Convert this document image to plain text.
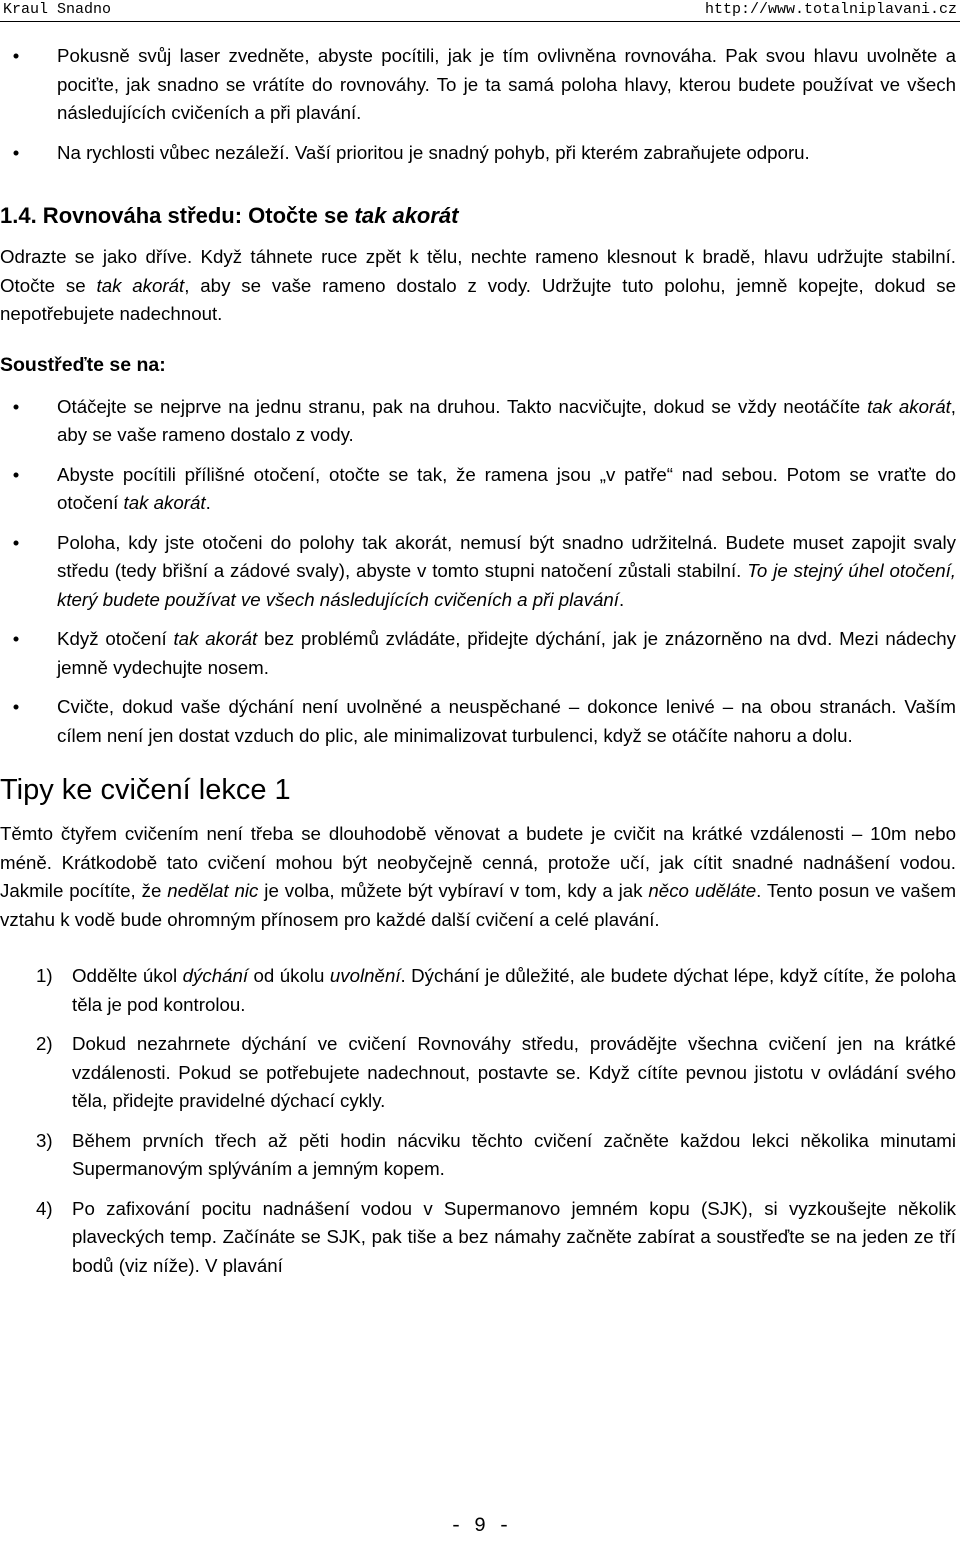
Kraul Snadno	http://www.totalniplavani.cz
• Pokusně svůj laser zvedněte, abyste pocítili, jak je tím ovlivněna rovnováha. Pak svou hlavu uvolněte a pociťte, jak snadno se vrátíte do rovnováhy. To je ta samá poloha hlavy, kterou budete používat ve všech následujících cvičeních a při plavání.
• Na rychlosti vůbec nezáleží. Vaší prioritou je snadný pohyb, při kterém zabraňujete odporu.
1.4. Rovnováha středu: Otočte se tak akorát

Odrazte se jako dříve. Když táhnete ruce zpět k tělu, nechte rameno klesnout k bradě, hlavu udržujte stabilní. Otočte se tak akorát, aby se vaše rameno dostalo z vody. Udržujte tuto polohu, jemně kopejte, dokud se nepotřebujete nadechnout.

Soustřeďte se na:
• Otáčejte se nejprve na jednu stranu, pak na druhou. Takto nacvičujte, dokud se vždy neotáčíte tak akorát, aby se vaše rameno dostalo z vody.
• Abyste pocítili přílišné otočení, otočte se tak, že ramena jsou „v patře“ nad sebou. Potom se vraťte do otočení tak akorát.
• Poloha, kdy jste otočeni do polohy tak akorát, nemusí být snadno udržitelná. Budete muset zapojit svaly středu (tedy břišní a zádové svaly), abyste v tomto stupni natočení zůstali stabilní. To je stejný úhel otočení, který budete používat ve všech následujících cvičeních a při plavání.
• Když otočení tak akorát bez problémů zvládáte, přidejte dýchání, jak je znázorněno na dvd. Mezi nádechy jemně vydechujte nosem.
• Cvičte, dokud vaše dýchání není uvolněné a neuspěchané – dokonce lenivé – na obou stranách. Vaším cílem není jen dostat vzduch do plic, ale minimalizovat turbulenci, když se otáčíte nahoru a dolu.
Tipy ke cvičení lekce 1

Těmto čtyřem cvičením není třeba se dlouhodobě věnovat a budete je cvičit na krátké vzdálenosti – 10m nebo méně. Krátkodobě tato cvičení mohou být neobyčejně cenná, protože učí, jak cítit snadné nadnášení vodou. Jakmile pocítíte, že nedělat nic je volba, můžete být vybíraví v tom, kdy a jak něco uděláte. Tento posun ve vašem vztahu k vodě bude ohromným přínosem pro každé další cvičení a celé plavání.

1) Oddělte úkol dýchání od úkolu uvolnění. Dýchání je důležité, ale budete dýchat lépe, když cítíte, že poloha těla je pod kontrolou.
2) Dokud nezahrnete dýchání ve cvičení Rovnováhy středu, provádějte všechna cvičení jen na krátké vzdálenosti. Pokud se potřebujete nadechnout, postavte se. Když cítíte pevnou jistotu v ovládání svého těla, přidejte pravidelné dýchací cykly.
3) Během prvních třech až pěti hodin nácviku těchto cvičení začněte každou lekci několika minutami Supermanovým splýváním a jemným kopem.
4) Po zafixování pocitu nadnášení vodou v Supermanovo jemném kopu (SJK), si vyzkoušejte několik plaveckých temp. Začínáte se SJK, pak tiše a bez námahy začněte zabírat a soustřeďte se na jeden ze tří bodů (viz níže). V plavání
- 9 -
